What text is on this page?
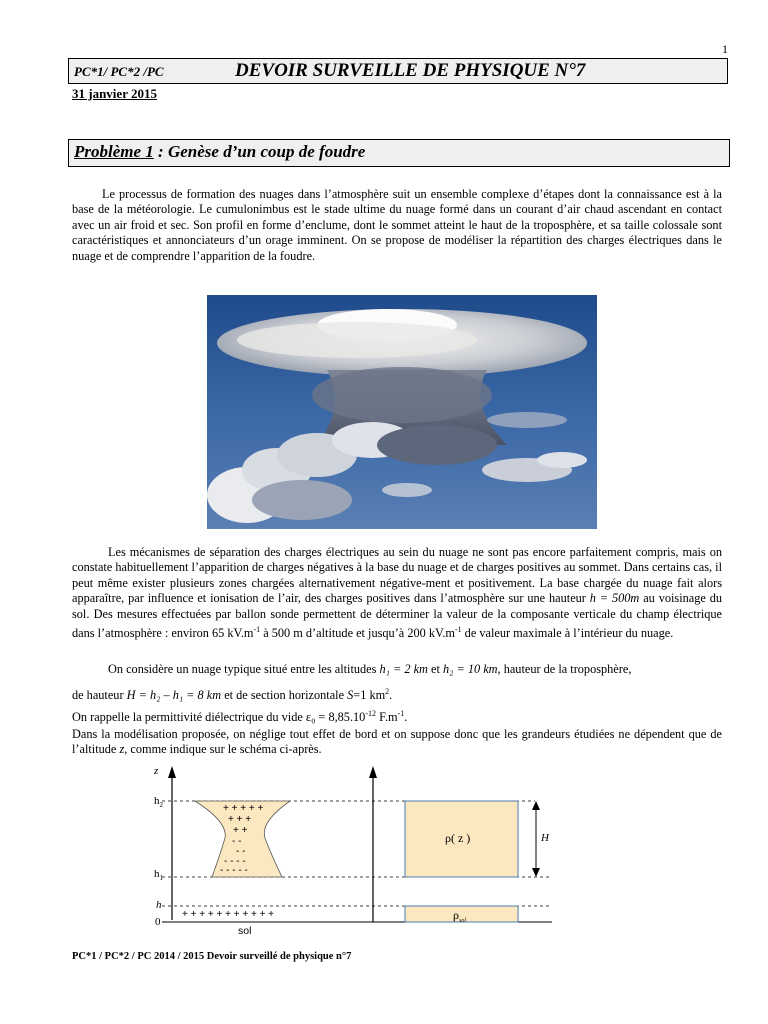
1
PC*1/ PC*2 /PC	DEVOIR SURVEILLE DE PHYSIQUE N°7
31 janvier 2015
Problème 1 : Genèse d’un coup de foudre
Le processus de formation des nuages dans l’atmosphère suit un ensemble complexe d’étapes dont la connaissance est à la base de la météorologie. Le cumulonimbus est le stade ultime du nuage formé dans un courant d’air chaud ascendant en contact avec un air froid et sec. Son profil en forme d’enclume, dont le sommet atteint le haut de la troposphère, et sa taille colossale sont caractéristiques et annonciateurs d’un orage imminent. On se propose de modéliser la répartition des charges électriques dans le nuage et de comprendre l’apparition de la foudre.
Les mécanismes de séparation des charges électriques au sein du nuage ne sont pas encore parfaitement compris, mais on constate habituellement l’apparition de charges négatives à la base du nuage et de charges positives au sommet. Dans certains cas, il peut même exister plusieurs zones chargées alternativement négative-ment et positivement. La base chargée du nuage fait alors apparaître, par influence et ionisation de l’air, des charges positives dans l’atmosphère sur une hauteur h = 500m au voisinage du sol. Des mesures effectuées par ballon sonde permettent de déterminer la valeur de la composante verticale du champ électrique dans l’atmosphère : environ 65 $kV.m^{-1}$ à 500 m d’altitude et jusqu’à 200 $kV.m^{-1}$ de valeur maximale à l’intérieur du nuage.
On considère un nuage typique situé entre les altitudes h₁ = 2 km et h₂ = 10 km, hauteur de la troposphère,
de hauteur H = h₂ – h₁ = 8 km et de section horizontale S=1 $km^2$.
On rappelle la permittivité diélectrique du vide $\varepsilon_0 = 8,85.10^{-12}$ $F.m^{-1}$.
Dans la modélisation proposée, on néglige tout effet de bord et on suppose donc que les grandeurs étudiées ne dépendent que de l’altitude z, comme indique sur le schéma ci-après.
z
$h_2$
$h_1$
h
0
+ + + + +
+ + +
+ +
- -
- -
- - - -
- - - - -
+ + + + + + + + + + +
sol
ρ( z )
$\rho_{sol}$
H
PC*1 / PC*2 / PC 2014 / 2015 Devoir surveillé de physique n°7
